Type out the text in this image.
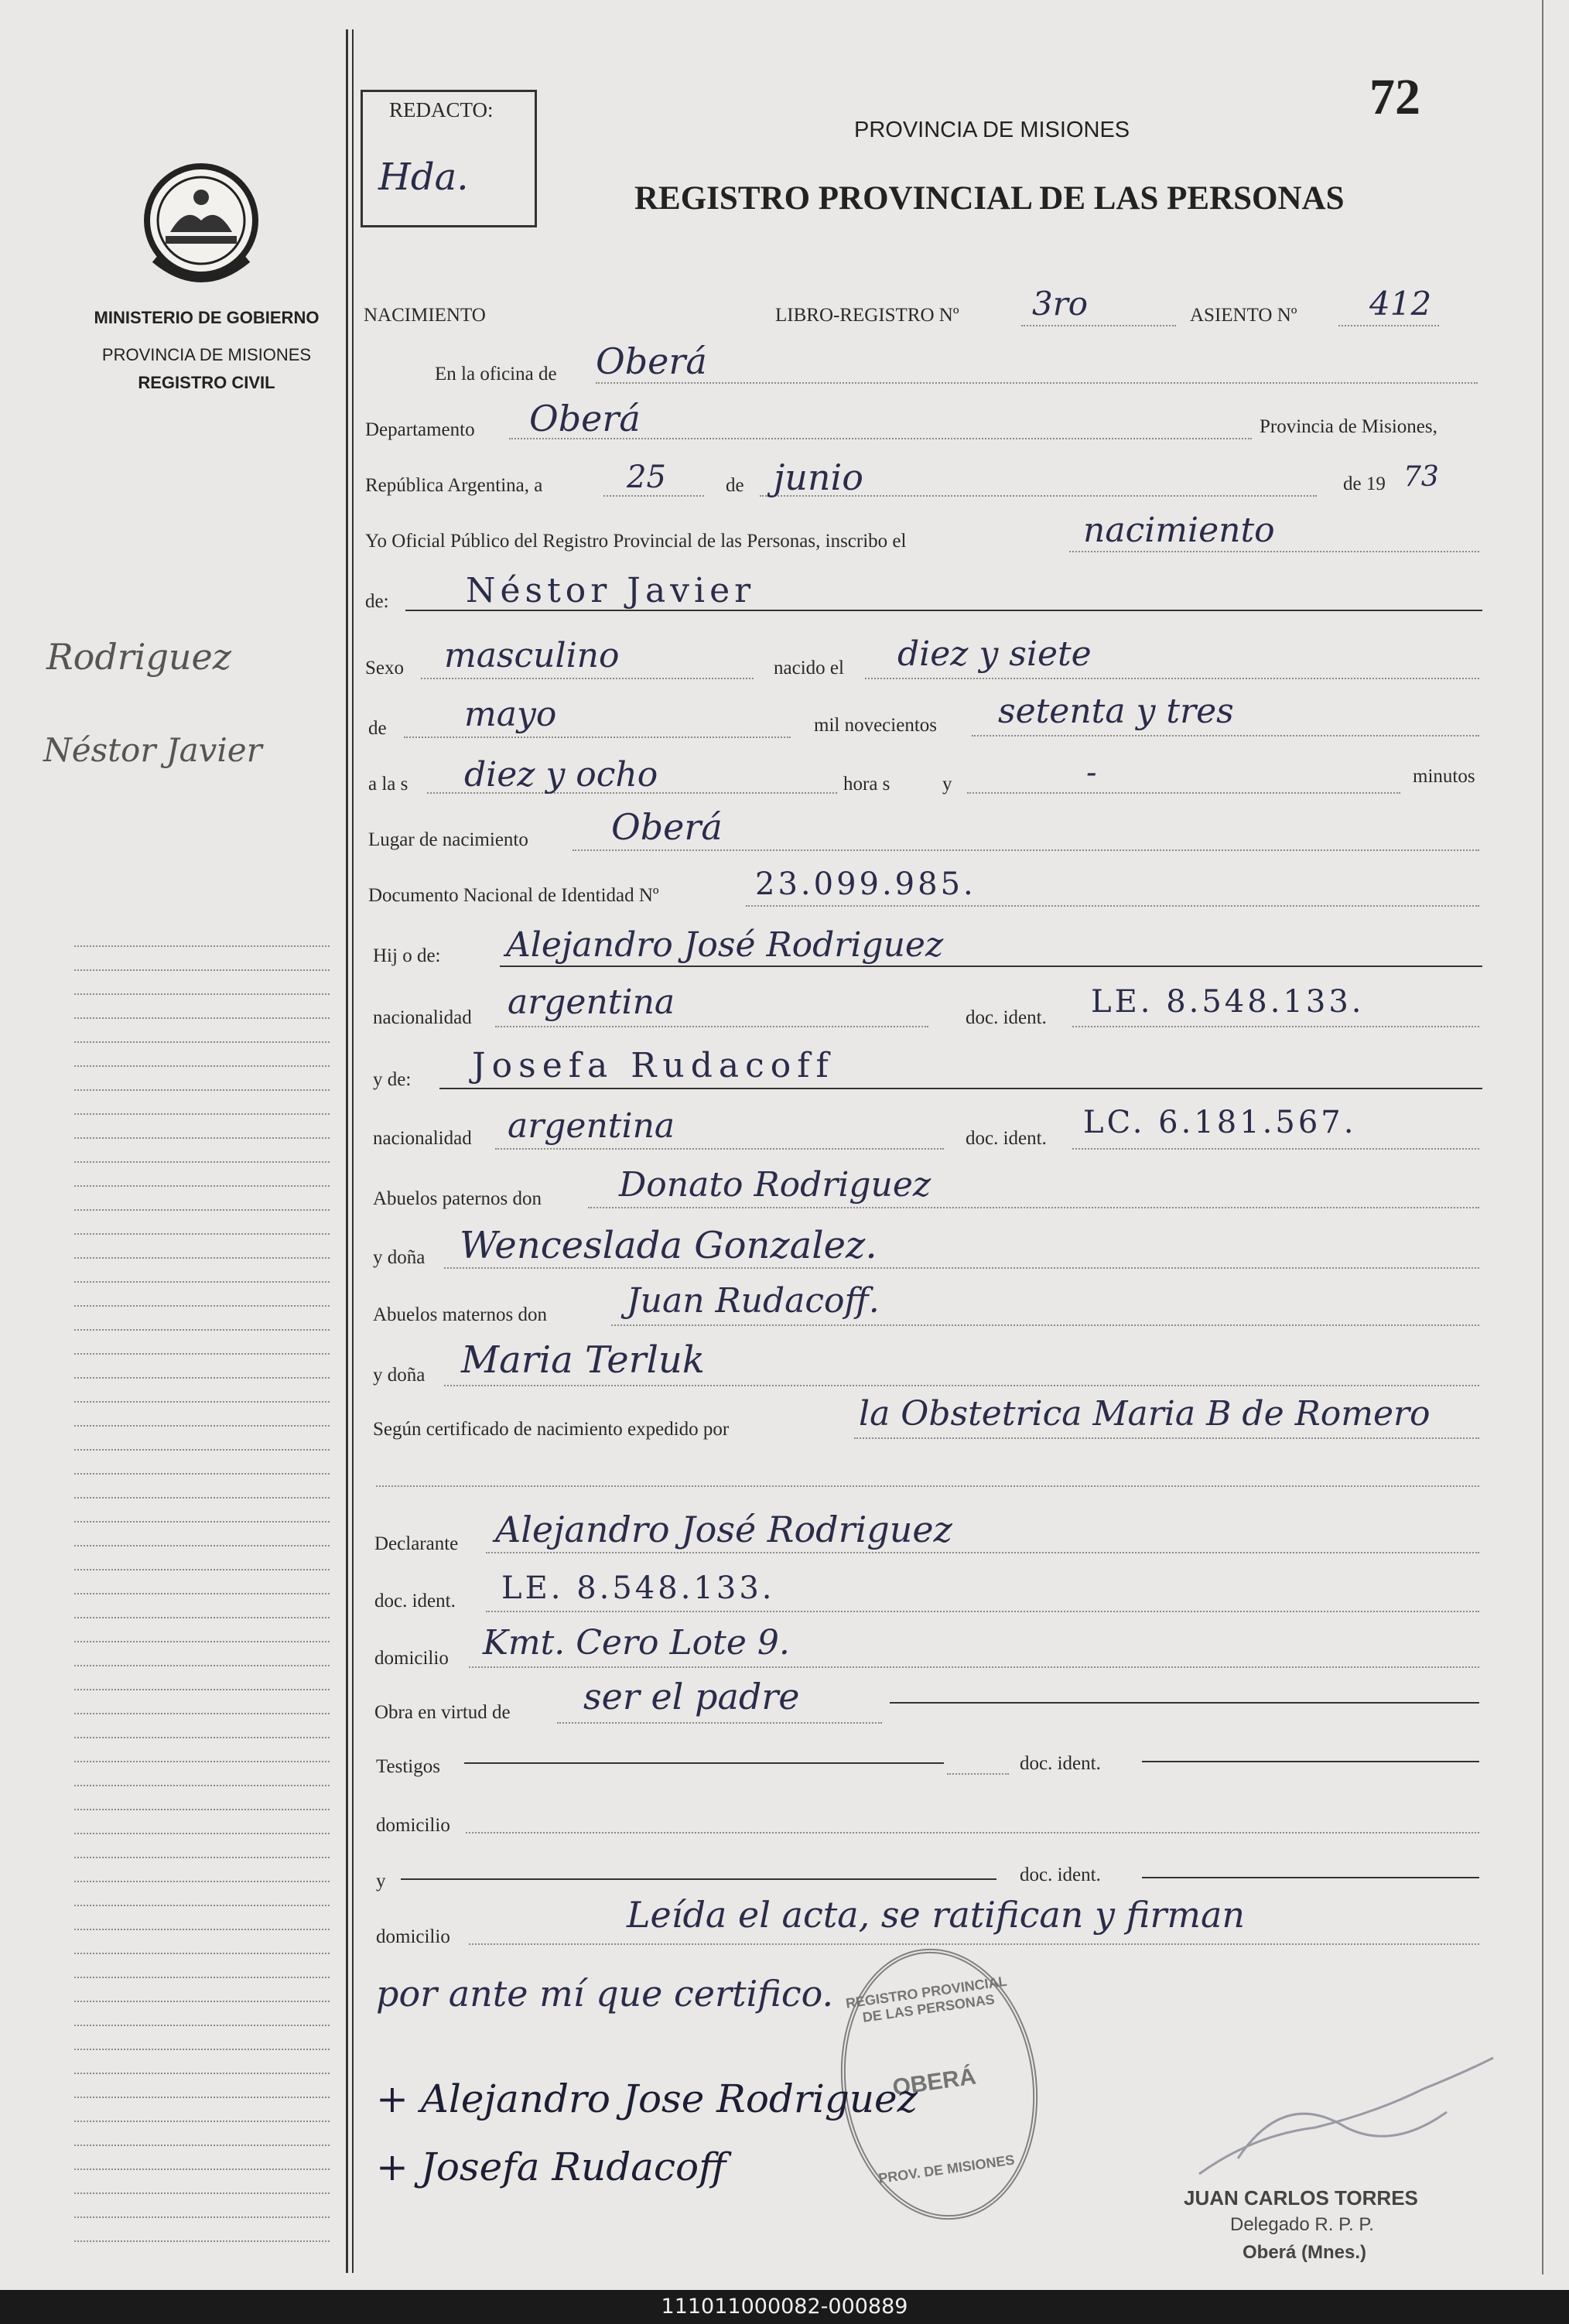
72
REDACTO:
Hda.
PROVINCIA DE MISIONES
REGISTRO PROVINCIAL DE LAS PERSONAS
MINISTERIO DE GOBIERNO
PROVINCIA DE MISIONES
REGISTRO CIVIL
Rodriguez
Néstor Javier
NACIMIENTO	LIBRO-REGISTRO Nº 3ro	ASIENTO Nº 412
En la oficina de Oberá
Departamento Oberá	Provincia de Misiones,
República Argentina, a	25	de junio	de 19 73
Yo Oficial Público del Registro Provincial de las Personas, inscribo el	nacimiento
de: Néstor Javier
Sexo masculino	nacido el diez y siete
de mayo	mil novecientos setenta y tres
a la s diez y ocho	hora s	y	-	minutos
Lugar de nacimiento Oberá
Documento Nacional de Identidad Nº	23.099.985.
Hij o de: Alejandro José Rodriguez
nacionalidad argentina	doc. ident. LE. 8.548.133.
y de: Josefa Rudacoff
nacionalidad argentina	doc. ident. LC. 6.181.567.
Abuelos paternos don Donato Rodriguez
y doña Wenceslada Gonzalez.
Abuelos maternos don Juan Rudacoff.
y doña Maria Terluk
Según certificado de nacimiento expedido por	la Obstetrica Maria B de Romero
Declarante Alejandro José Rodriguez
doc. ident. LE. 8.548.133.
domicilio Kmt. Cero Lote 9.
Obra en virtud de ser el padre
Testigos	doc. ident.
domicilio
y	doc. ident.
domicilio
Leída el acta, se ratifican y firman
por ante mí que certifico. REGISTRO PROVINCIAL DE LAS PERSONAS
OBERÁ
PROV. DE MISIONES
+ Alejandro Jose Rodriguez
+ Josefa Rudacoff
JUAN CARLOS TORRES
Delegado R. P. P.
Oberá (Mnes.)
111011000082-000889
